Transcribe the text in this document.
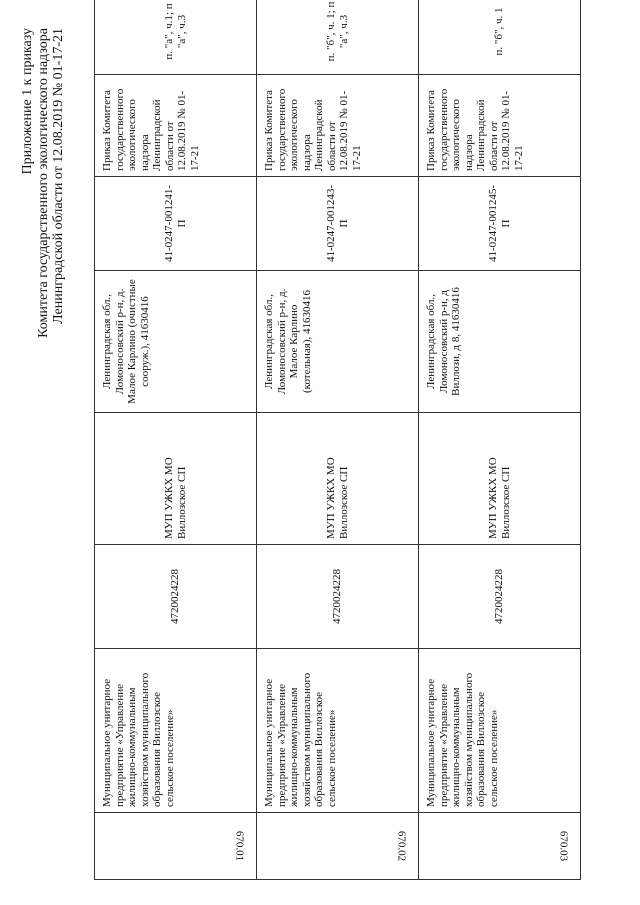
Приложение 1 к приказу Комитета государственного экологического надзора Ленинградской области от 12.08.2019 № 01-17-21
670.01	Муниципальное унитарное предприятие «Управление жилищно-коммунальным хозяйством муниципального образования Виллозское сельское поселение»	4720024228	МУП УЖКХ МО Виллозское СП	Ленинградская обл., Ломоносовский р-н, д. Малое Карлино (очистные соорyж.), 41630416	41-0247-001241-П	Приказ Комитета государственного экологического надзора Ленинградской области от 12.08.2019 № 01-17-21	п. "а", ч.1; п "а", ч.3	

670.02	Муниципальное унитарное предприятие «Управление жилищно-коммунальным хозяйством муниципального образования Виллозское сельское поселение»	4720024228	МУП УЖКХ МО Виллозское СП	Ленинградская обл., Ломоносовский р-н, д. Малое Карлино (котельная), 41630416	41-0247-001243-П	Приказ Комитета государственного экологического надзора Ленинградской области от 12.08.2019 № 01-17-21	п. "б", ч. 1; п "а", ч.3	

670.03	Муниципальное унитарное предприятие «Управление жилищно-коммунальным хозяйством муниципального образования Виллозское сельское поселение»	4720024228	МУП УЖКХ МО Виллозское СП	Ленинградская обл., Ломоносовский р-н, д Виллози, д 8, 41630416	41-0247-001245-П	Приказ Комитета государственного экологического надзора Ленинградской области от 12.08.2019 № 01-17-21	п. "б", ч. 1	
